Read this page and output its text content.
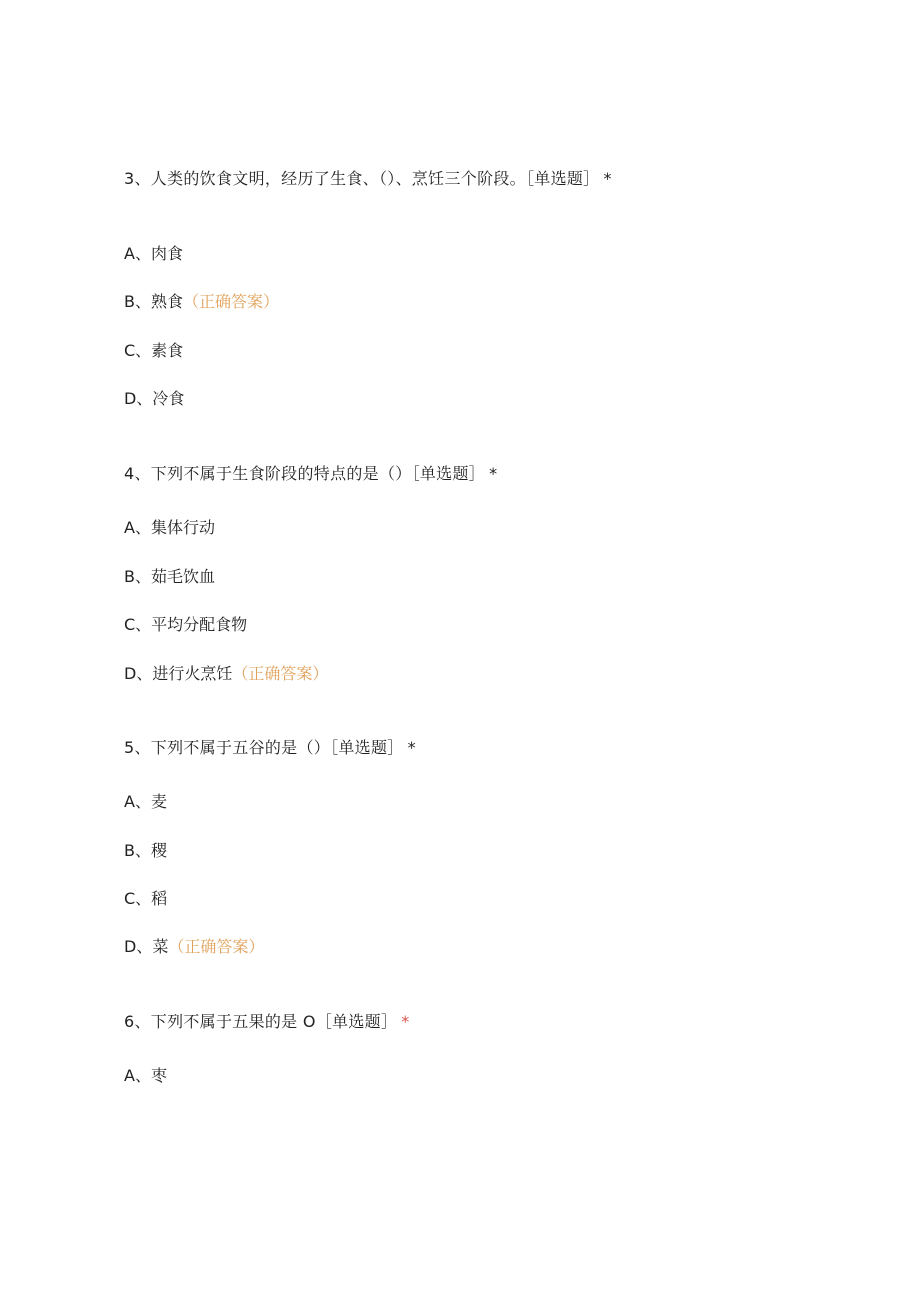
3、人类的饮食文明，经历了生食、（）、烹饪三个阶段。［单选题］ *

A、肉食
B、熟食（正确答案）
C、素食
D、冷食

4、下列不属于生食阶段的特点的是（）［单选题］ *

A、集体行动
B、茹毛饮血
C、平均分配食物
D、进行火烹饪（正确答案）

5、下列不属于五谷的是（）［单选题］ *

A、麦
B、稷
C、稻
D、菜（正确答案）

6、下列不属于五果的是 O［单选题］ *

A、枣
